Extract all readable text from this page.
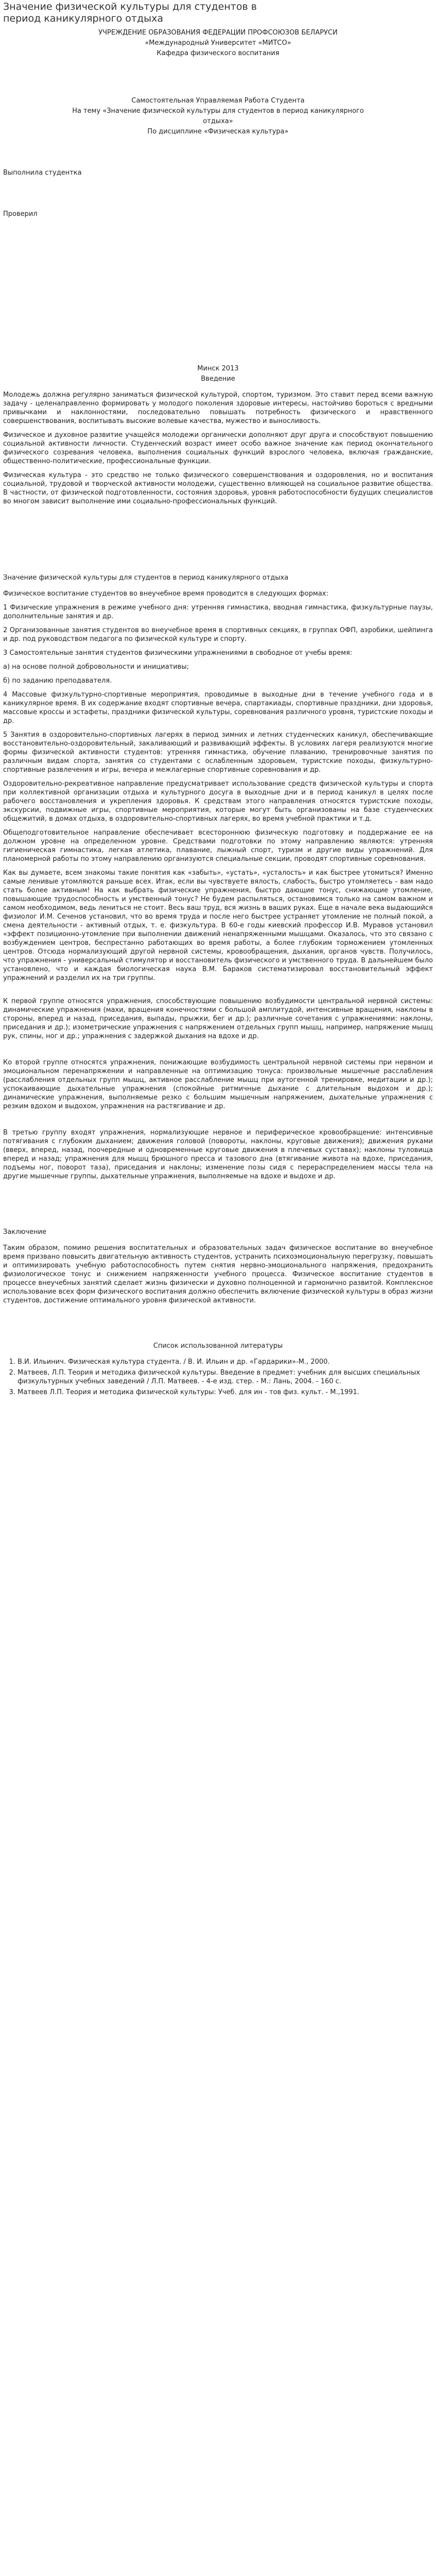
Значение физической культуры для студентов в период каникулярного отдыха
УЧРЕЖДЕНИЕ ОБРАЗОВАНИЯ ФЕДЕРАЦИИ ПРОФСОЮЗОВ БЕЛАРУСИ
«Международный Университет «МИТСО»
Кафедра физического воспитания
Самостоятельная Управляемая Работа Студента
На тему «Значение физической культуры для студентов в период каникулярного
отдыха»
По дисциплине «Физическая культура»
Выполнила студентка
Проверил
Минск 2013
Введение

Молодежь должна регулярно заниматься физической культурой, спортом, туризмом. Это ставит перед всеми важную задачу - целенаправленно формировать у молодого поколения здоровые интересы, настойчиво бороться с вредными привычками и наклонностями, последовательно повышать потребность физического и нравственного совершенствования, воспитывать высокие волевые качества, мужество и выносливость.

Физическое и духовное развитие учащейся молодежи органически дополняют друг друга и способствуют повышению социальной активности личности. Студенческий возраст имеет особо важное значение как период окончательного физического созревания человека, выполнения социальных функций взрослого человека, включая гражданские, общественно-политические, профессиональные функции.

Физическая культура - это средство не только физического совершенствования и оздоровления, но и воспитания социальной, трудовой и творческой активности молодежи, существенно влияющей на социальное развитие общества. В частности, от физической подготовленности, состояния здоровья, уровня работоспособности будущих специалистов во многом зависит выполнение ими социально-профессиональных функций.

Значение физической культуры для студентов в период каникулярного отдыха

Физическое воспитание студентов во внеучебное время проводится в следующих формах:

1 Физические упражнения в режиме учебного дня: утренняя гимнастика, вводная гимнастика, физкультурные паузы, дополнительные занятия и др.

2 Организованные занятия студентов во внеучебное время в спортивных секциях, в группах ОФП, аэробики, шейпинга и др. под руководством педагога по физической культуре и спорту.

3 Самостоятельные занятия студентов физическими упражнениями в свободное от учебы время:

а) на основе полной добровольности и инициативы;

б) по заданию преподавателя.

4 Массовые физкультурно-спортивные мероприятия, проводимые в выходные дни в течение учебного года и в каникулярное время. В их содержание входят спортивные вечера, спартакиады, спортивные праздники, дни здоровья, массовые кроссы и эстафеты, праздники физической культуры, соревнования различного уровня, туристские походы и др.

5 Занятия в оздоровительно-спортивных лагерях в период зимних и летних студенческих каникул, обеспечивающие восстановительно-оздоровительный, закаливающий и развивающий эффекты. В условиях лагеря реализуются многие формы физической активности студентов: утренняя гимнастика, обучение плаванию, тренировочные занятия по различным видам спорта, занятия со студентами с ослабленным здоровьем, туристские походы, физкультурно-спортивные развлечения и игры, вечера и межлагерные спортивные соревнования и др.

Оздоровительно-рекреативное направление предусматривает использование средств физической культуры и спорта при коллективной организации отдыха и культурного досуга в выходные дни и в период каникул в целях после рабочего восстановления и укрепления здоровья. К средствам этого направления относятся туристские походы, экскурсии, подвижные игры, спортивные мероприятия, которые могут быть организованы на базе студенческих общежитий, в домах отдыха, в оздоровительно-спортивных лагерях, во время учебной практики и т.д.

Общеподготовительное направление обеспечивает всестороннюю физическую подготовку и поддержание ее на должном уровне на определенном уровне. Средствами подготовки по этому направлению являются: утренняя гигиеническая гимнастика, легкая атлетика, плавание, лыжный спорт, туризм и другие виды упражнений. Для планомерной работы по этому направлению организуются специальные секции, проводят спортивные соревнования.

Как вы думаете, всем знакомы такие понятия как «забыть», «устать», «усталость» и как быстрее утомиться? Именно самые ленивые утомляются раньше всех. Итак, если вы чувствуете вялость, слабость, быстро утомляетесь - вам надо стать более активным! На как выбрать физические упражнения, быстро дающие тонус, снижающие утомление, повышающие трудоспособность и умственный тонус? Не будем распыляться, остановимся только на самом важном и самом необходимом, ведь лениться не стоит. Весь ваш труд, вся жизнь в ваших руках. Еще в начале века выдающийся физиолог И.М. Сеченов установил, что во время труда и после него быстрее устраняет утомление не полный покой, а смена деятельности - активный отдых, т. е. физкультура. В 60-е годы киевский профессор И.В. Муравов установил «эффект позиционно-утомление при выполнении движений ненапряженными мышцами. Оказалось, что это связано с возбуждением центров, беспрестанно работающих во время работы, а более глубоким торможением утомленных центров. Отсюда нормализующий другой нервной системы, кровообращения, дыхания, органов чувств. Получилось, что упражнения - универсальный стимулятор и восстановитель физического и умственного труда. В дальнейшем было установлено, что и каждая биологическая наука В.М. Бараков систематизировал восстановительный эффект упражнений и разделил их на три группы.

К первой группе относятся упражнения, способствующие повышению возбудимости центральной нервной системы: динамические упражнения (махи, вращения конечностями с большой амплитудой, интенсивные вращения, наклоны в стороны, вперед и назад, приседания, выпады, прыжки, бег и др.); различные сочетания с упражнениями: наклоны, приседания и др.); изометрические упражнения с напряжением отдельных групп мышц, например, напряжение мышц рук, спины, ног и др.; упражнения с задержкой дыхания на вдохе и др.

Ко второй группе относятся упражнения, понижающие возбудимость центральной нервной системы при нервном и эмоциональном перенапряжении и направленные на оптимизацию тонуса: произвольные мышечные расслабления (расслабления отдельных групп мышц, активное расслабление мышц при аутогенной тренировке, медитации и др.); успокаивающие дыхательные упражнения (спокойные ритмичные дыхание с длительным выдохом и др.); динамические упражнения, выполняемые резко с большим мышечным напряжением, дыхательные упражнения с резким вдохом и выдохом, упражнения на растягивание и др.

В третью группу входят упражнения, нормализующие нервное и периферическое кровообращение: интенсивные потягивания с глубоким дыханием; движения головой (повороты, наклоны, круговые движения); движения руками (вверх, вперед, назад, поочередные и одновременные круговые движения в плечевых суставах); наклоны туловища вперед и назад; упражнения для мышц брюшного пресса и тазового дна (втягивание живота на вдохе, приседания, подъемы ног, поворот таза), приседания и наклоны; изменение позы сидя с перераспределением массы тела на другие мышечные группы, дыхательные упражнения, выполняемые на вдохе и выдохе и др.

Заключение

Таким образом, помимо решения воспитательных и образовательных задач физическое воспитание во внеучебное время призвано повысить двигательную активность студентов, устранить психоэмоциональную перегрузку, повышать и оптимизировать учебную работоспособность путем снятия нервно-эмоционального напряжения, предохранить физиологическое тонус и снижением напряженности учебного процесса. Физическое воспитание студентов в процессе внеучебных занятий сделает жизнь физически и духовно полноценной и гармонично развитой. Комплексное использование всех форм физического воспитания должно обеспечить включение физической культуры в образ жизни студентов, достижение оптимального уровня физической активности.

Список использованной литературы
1. В.И. Ильинич. Физическая культура студента. / В. И. Ильин и др. «Гардарики»-М., 2000.
2. Матвеев, Л.П. Теория и методика физической культуры. Введение в предмет: учебник для высших специальных физкультурных учебных заведений / Л.П. Матвеев. - 4-е изд. стер. - М.: Лань, 2004. - 160 с.
3. Матвеев Л.П. Теория и методика физической культуры: Учеб. для ин - тов физ. культ. - М.,1991.
